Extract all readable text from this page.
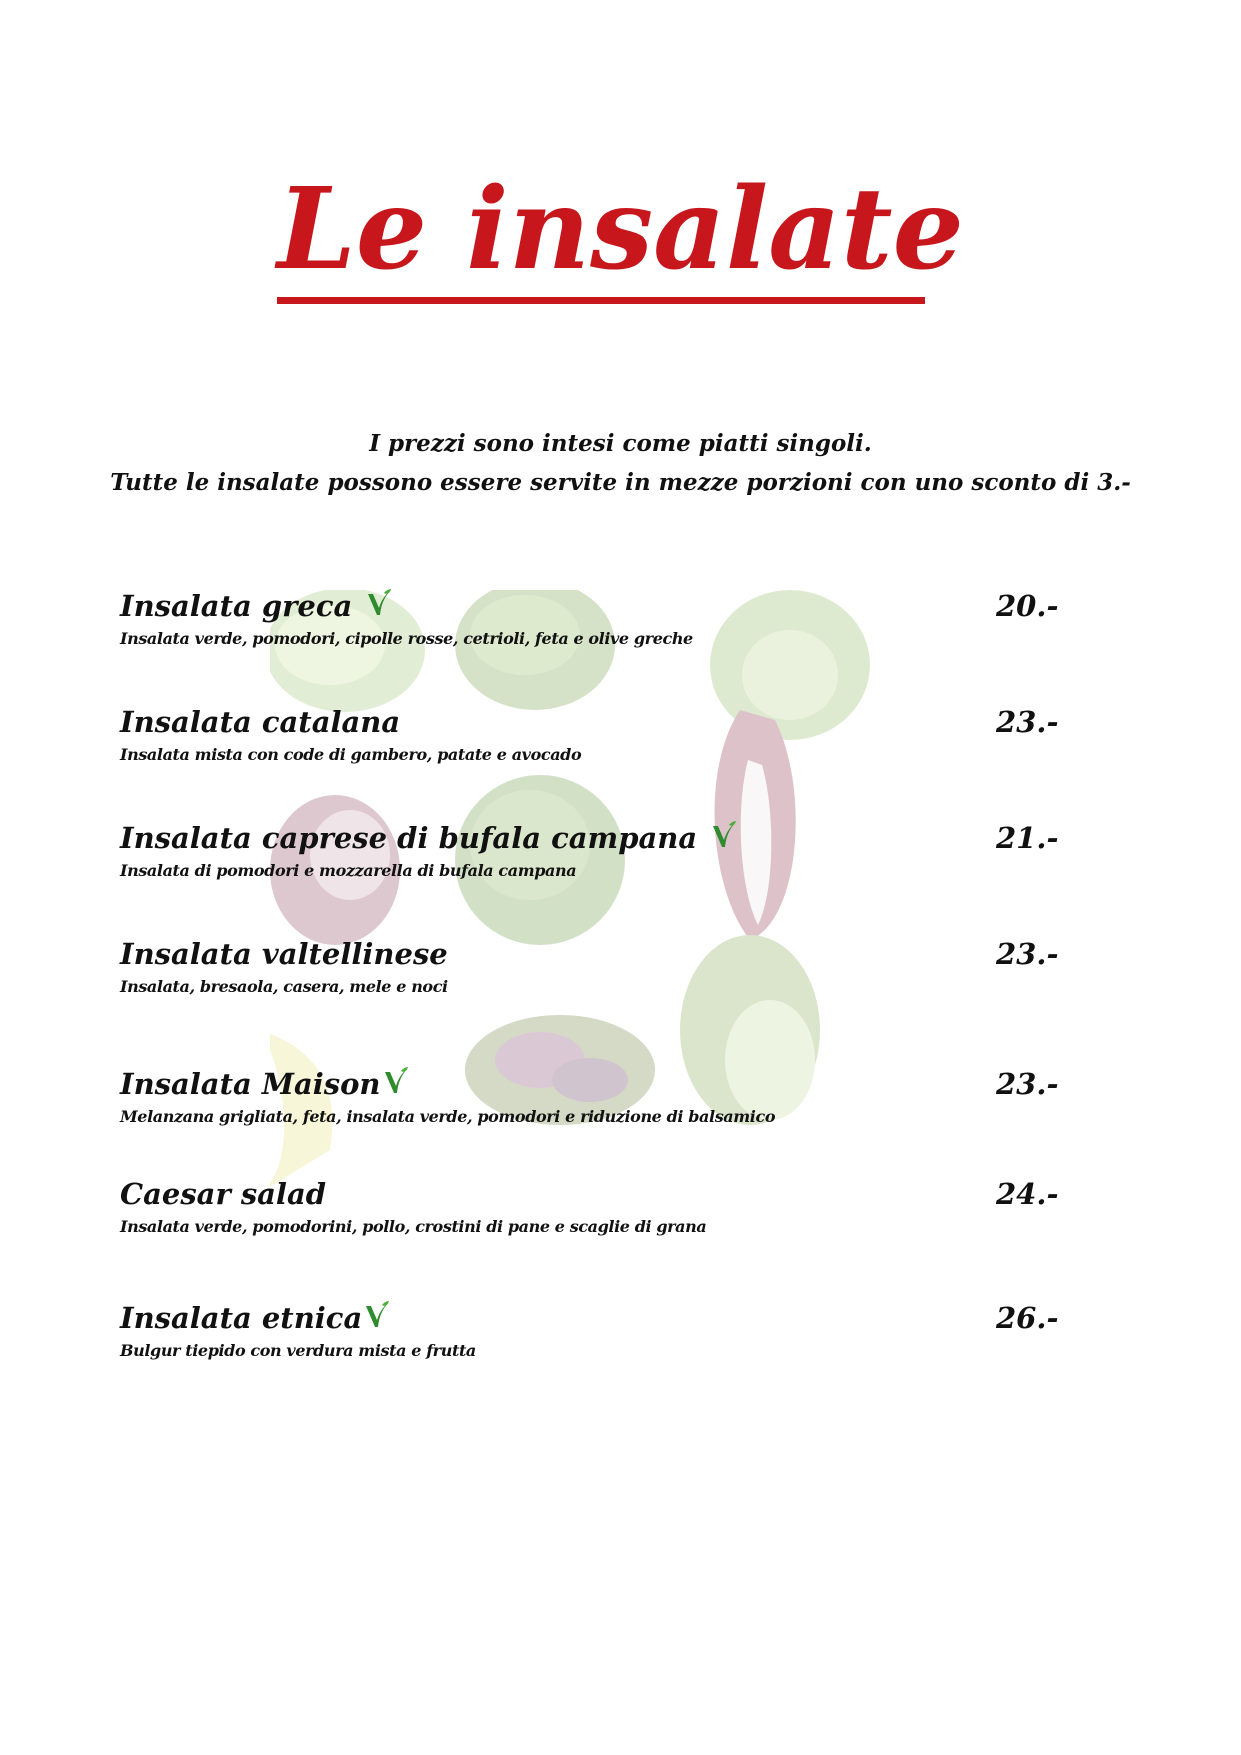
Le insalate
I prezzi sono intesi come piatti singoli.
Tutte le insalate possono essere servite in mezze porzioni con uno sconto di 3.-
Insalata greca
Insalata verde, pomodori, cipolle rosse, cetrioli, feta e olive greche
20.-
Insalata catalana
Insalata mista con code di gambero, patate e avocado
23.-
Insalata caprese di bufala campana
Insalata di pomodori e mozzarella di bufala campana
21.-
Insalata valtellinese
Insalata, bresaola, casera, mele e noci
23.-
Insalata Maison
Melanzana grigliata, feta, insalata verde, pomodori e riduzione di balsamico
23.-
Caesar salad
Insalata verde, pomodorini, pollo, crostini di pane e scaglie di grana
24.-
Insalata etnica
Bulgur tiepido con verdura mista e frutta
26.-
